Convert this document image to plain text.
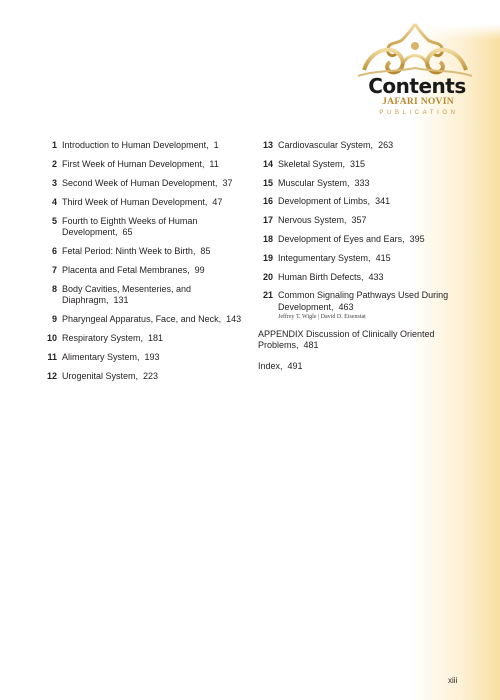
Contents
JAFARI NOVIN
PUBLICATION
1 Introduction to Human Development, 1
2 First Week of Human Development, 11
3 Second Week of Human Development, 37
4 Third Week of Human Development, 47
5 Fourth to Eighth Weeks of Human Development, 65
6 Fetal Period: Ninth Week to Birth, 85
7 Placenta and Fetal Membranes, 99
8 Body Cavities, Mesenteries, and Diaphragm, 131
9 Pharyngeal Apparatus, Face, and Neck, 143
10 Respiratory System, 181
11 Alimentary System, 193
12 Urogenital System, 223
13 Cardiovascular System, 263
14 Skeletal System, 315
15 Muscular System, 333
16 Development of Limbs, 341
17 Nervous System, 357
18 Development of Eyes and Ears, 395
19 Integumentary System, 415
20 Human Birth Defects, 433
21 Common Signaling Pathways Used During Development, 463
Jeffrey T. Wigle | David D. Eisenstat
APPENDIX Discussion of Clinically Oriented Problems, 481
Index, 491
xiii
